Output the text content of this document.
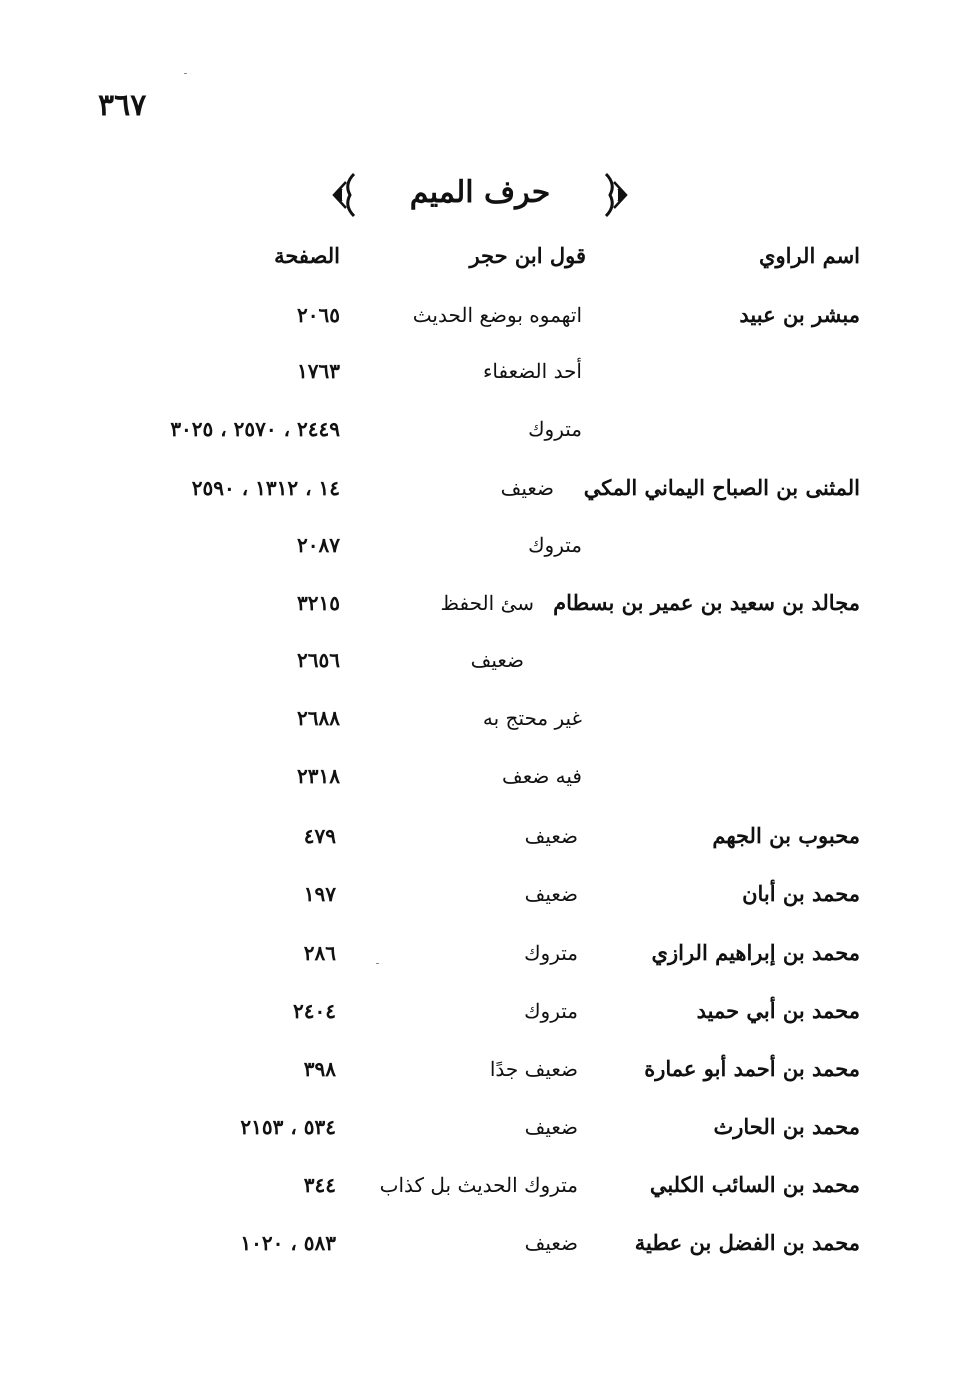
٣٦٧
حرف الميم
اسم الراوي
قول ابن حجر
الصفحة
مبشر بن عبيد
اتهموه بوضع الحديث
٢٠٦٥
أحد الضعفاء
١٧٦٣
متروك
٢٤٤٩ ، ٢٥٧٠ ، ٣٠٢٥
المثنى بن الصباح اليماني المكي
ضعيف
١٤ ، ١٣١٢ ، ٢٥٩٠
متروك
٢٠٨٧
مجالد بن سعيد بن عمير بن بسطام
سئ الحفظ
٣٢١٥
ضعيف
٢٦٥٦
غير محتج به
٢٦٨٨
فيه ضعف
٢٣١٨
محبوب بن الجهم
ضعيف
٤٧٩
محمد بن أبان
ضعيف
١٩٧
محمد بن إبراهيم الرازي
متروك
٢٨٦
محمد بن أبي حميد
متروك
٢٤٠٤
محمد بن أحمد أبو عمارة
ضعيف جدًا
٣٩٨
محمد بن الحارث
ضعيف
٥٣٤ ، ٢١٥٣
محمد بن السائب الكلبي
متروك الحديث بل كذاب
٣٤٤
محمد بن الفضل بن عطية
ضعيف
٥٨٣ ، ١٠٢٠
